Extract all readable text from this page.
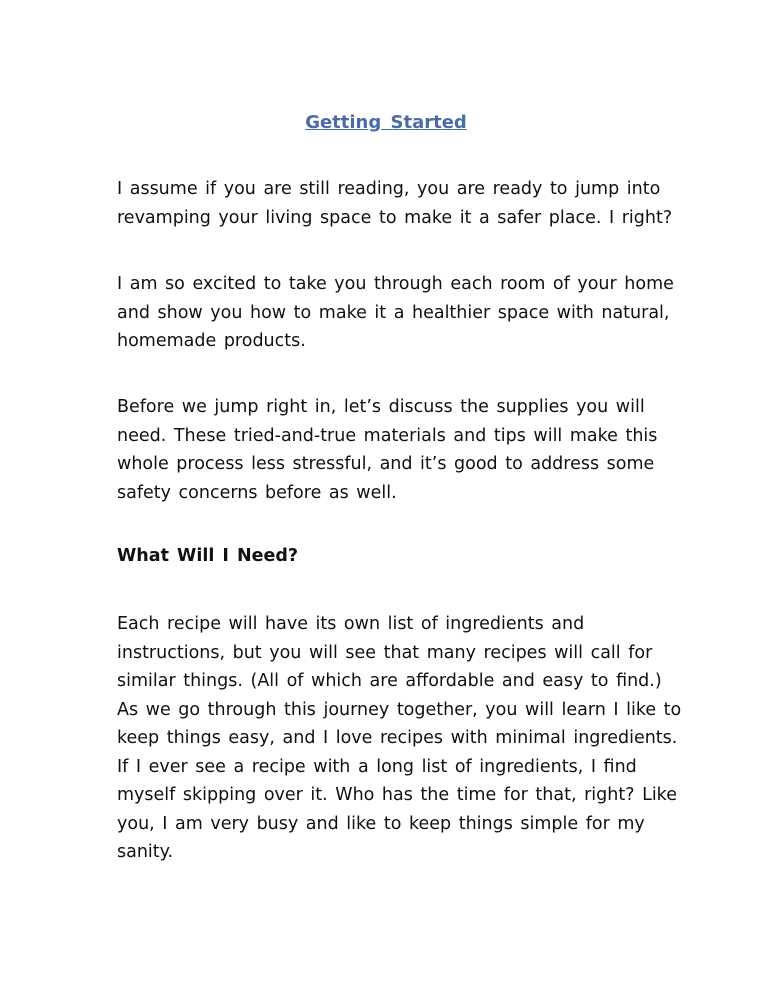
Getting Started

I assume if you are still reading, you are ready to jump into
revamping your living space to make it a safer place. I right?

I am so excited to take you through each room of your home
and show you how to make it a healthier space with natural,
homemade products.

Before we jump right in, let’s discuss the supplies you will
need. These tried-and-true materials and tips will make this
whole process less stressful, and it’s good to address some
safety concerns before as well.

What Will I Need?

Each recipe will have its own list of ingredients and
instructions, but you will see that many recipes will call for
similar things. (All of which are affordable and easy to find.)
As we go through this journey together, you will learn I like to
keep things easy, and I love recipes with minimal ingredients.
If I ever see a recipe with a long list of ingredients, I find
myself skipping over it. Who has the time for that, right? Like
you, I am very busy and like to keep things simple for my
sanity.
